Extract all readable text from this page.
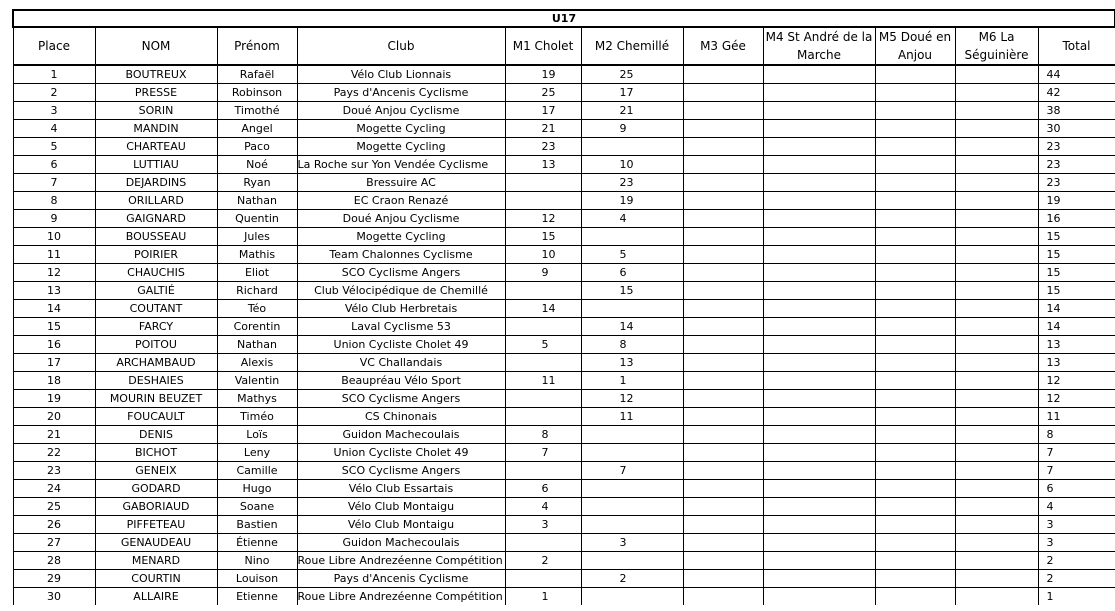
U17										
Place	NOM	Prénom	Club	M1 Cholet	M2 Chemillé	M3 Gée	M4 St André de la Marche	M5 Doué en Anjou	M6 La Séguinière	Total
1	BOUTREUX	Rafaël	Vélo Club Lionnais	19	25					44
2	PRESSE	Robinson	Pays d'Ancenis Cyclisme	25	17					42
3	SORIN	Timothé	Doué Anjou Cyclisme	17	21					38
4	MANDIN	Angel	Mogette Cycling	21	9					30
5	CHARTEAU	Paco	Mogette Cycling	23						23
6	LUTTIAU	Noé	La Roche sur Yon Vendée Cyclisme	13	10					23
7	DEJARDINS	Ryan	Bressuire AC		23					23
8	ORILLARD	Nathan	EC Craon Renazé		19					19
9	GAIGNARD	Quentin	Doué Anjou Cyclisme	12	4					16
10	BOUSSEAU	Jules	Mogette Cycling	15						15
11	POIRIER	Mathis	Team Chalonnes Cyclisme	10	5					15
12	CHAUCHIS	Eliot	SCO Cyclisme Angers	9	6					15
13	GALTIÉ	Richard	Club Vélocipédique de Chemillé		15					15
14	COUTANT	Téo	Vélo Club Herbretais	14						14
15	FARCY	Corentin	Laval Cyclisme 53		14					14
16	POITOU	Nathan	Union Cycliste Cholet 49	5	8					13
17	ARCHAMBAUD	Alexis	VC Challandais		13					13
18	DESHAIES	Valentin	Beaupréau Vélo Sport	11	1					12
19	MOURIN BEUZET	Mathys	SCO Cyclisme Angers		12					12
20	FOUCAULT	Timéo	CS Chinonais		11					11
21	DENIS	Loïs	Guidon Machecoulais	8						8
22	BICHOT	Leny	Union Cycliste Cholet 49	7						7
23	GENEIX	Camille	SCO Cyclisme Angers		7					7
24	GODARD	Hugo	Vélo Club Essartais	6						6
25	GABORIAUD	Soane	Vélo Club Montaigu	4						4
26	PIFFETEAU	Bastien	Vélo Club Montaigu	3						3
27	GENAUDEAU	Étienne	Guidon Machecoulais		3					3
28	MENARD	Nino	Roue Libre Andrezéenne Compétition	2						2
29	COURTIN	Louison	Pays d'Ancenis Cyclisme		2					2
30	ALLAIRE	Etienne	Roue Libre Andrezéenne Compétition	1						1
